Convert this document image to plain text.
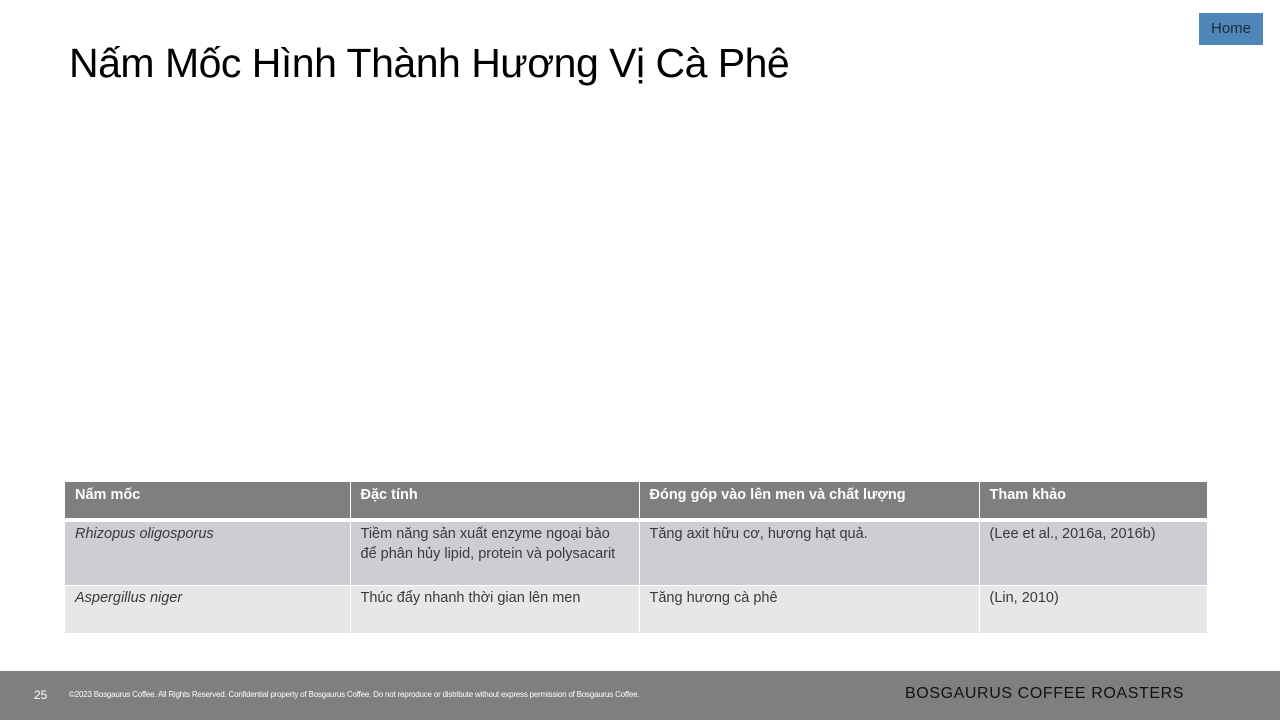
Home
Nấm Mốc Hình Thành Hương Vị Cà Phê
Nấm mốc	Đặc tính	Đóng góp vào lên men và chất lượng	Tham khảo
Rhizopus oligosporus	Tiềm năng sản xuất enzyme ngoại bào để phân hủy lipid, protein và polysacarit	Tăng axit hữu cơ, hương hạt quả.	(Lee et al., 2016a, 2016b)
Aspergillus niger	Thúc đẩy nhanh thời gian lên men	Tăng hương cà phê	(Lin, 2010)
25	©2023 Bosgaurus Coffee. All Rights Reserved. Confidential property of Bosgaurus Coffee. Do not reproduce or distribute without express permission of Bosgaurus Coffee.	BOSGAURUS COFFEE ROASTERS
